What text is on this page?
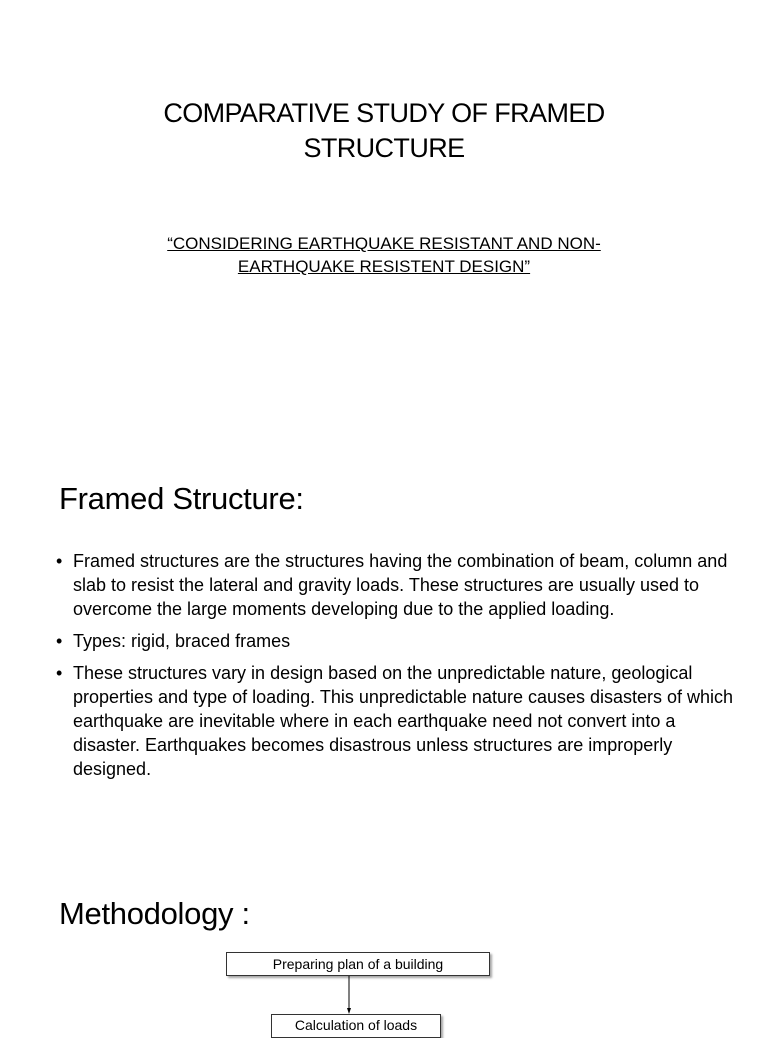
COMPARATIVE STUDY OF FRAMED
STRUCTURE
“CONSIDERING EARTHQUAKE RESISTANT AND NON-
EARTHQUAKE RESISTENT DESIGN”
Framed Structure:
• Framed structures are the structures having the combination of beam, column and slab to resist the lateral and gravity loads. These structures are usually used to overcome the large moments developing due to the applied loading.
• Types: rigid, braced frames
• These structures vary in design based on the unpredictable nature, geological properties and type of loading. This unpredictable nature causes disasters of which earthquake are inevitable where in each earthquake need not convert into a disaster. Earthquakes becomes disastrous unless structures are improperly designed.
Methodology :
Preparing plan of a building
Calculation of loads
